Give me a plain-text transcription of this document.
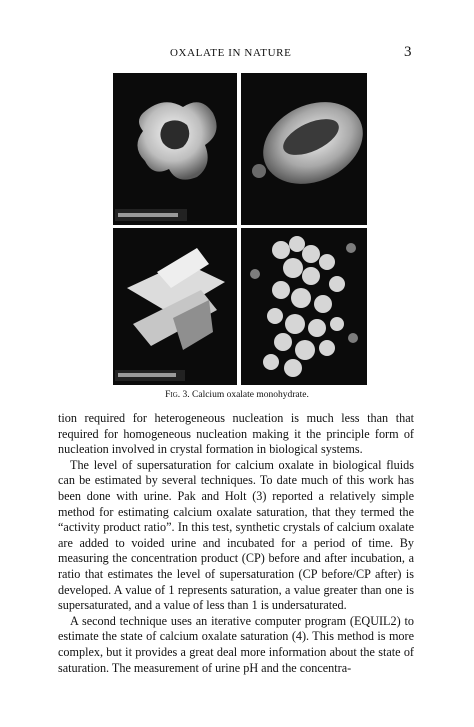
OXALATE IN NATURE	3
Fig. 3. Calcium oxalate monohydrate.

tion required for heterogeneous nucleation is much less than that required for homogeneous nucleation making it the principle form of nucleation involved in crystal formation in biological systems.

The level of supersaturation for calcium oxalate in biological fluids can be estimated by several techniques. To date much of this work has been done with urine. Pak and Holt (3) reported a relatively simple method for estimating calcium oxalate saturation, that they termed the “activity product ratio”. In this test, synthetic crystals of calcium oxalate are added to voided urine and incubated for a period of time. By measuring the concentration product (CP) before and after incubation, a ratio that estimates the level of supersaturation (CP before/CP after) is developed. A value of 1 represents saturation, a value greater than one is supersaturated, and a value of less than 1 is undersaturated.

A second technique uses an iterative computer program (EQUIL2) to estimate the state of calcium oxalate saturation (4). This method is more complex, but it provides a great deal more information about the state of saturation. The measurement of urine pH and the concentra-
